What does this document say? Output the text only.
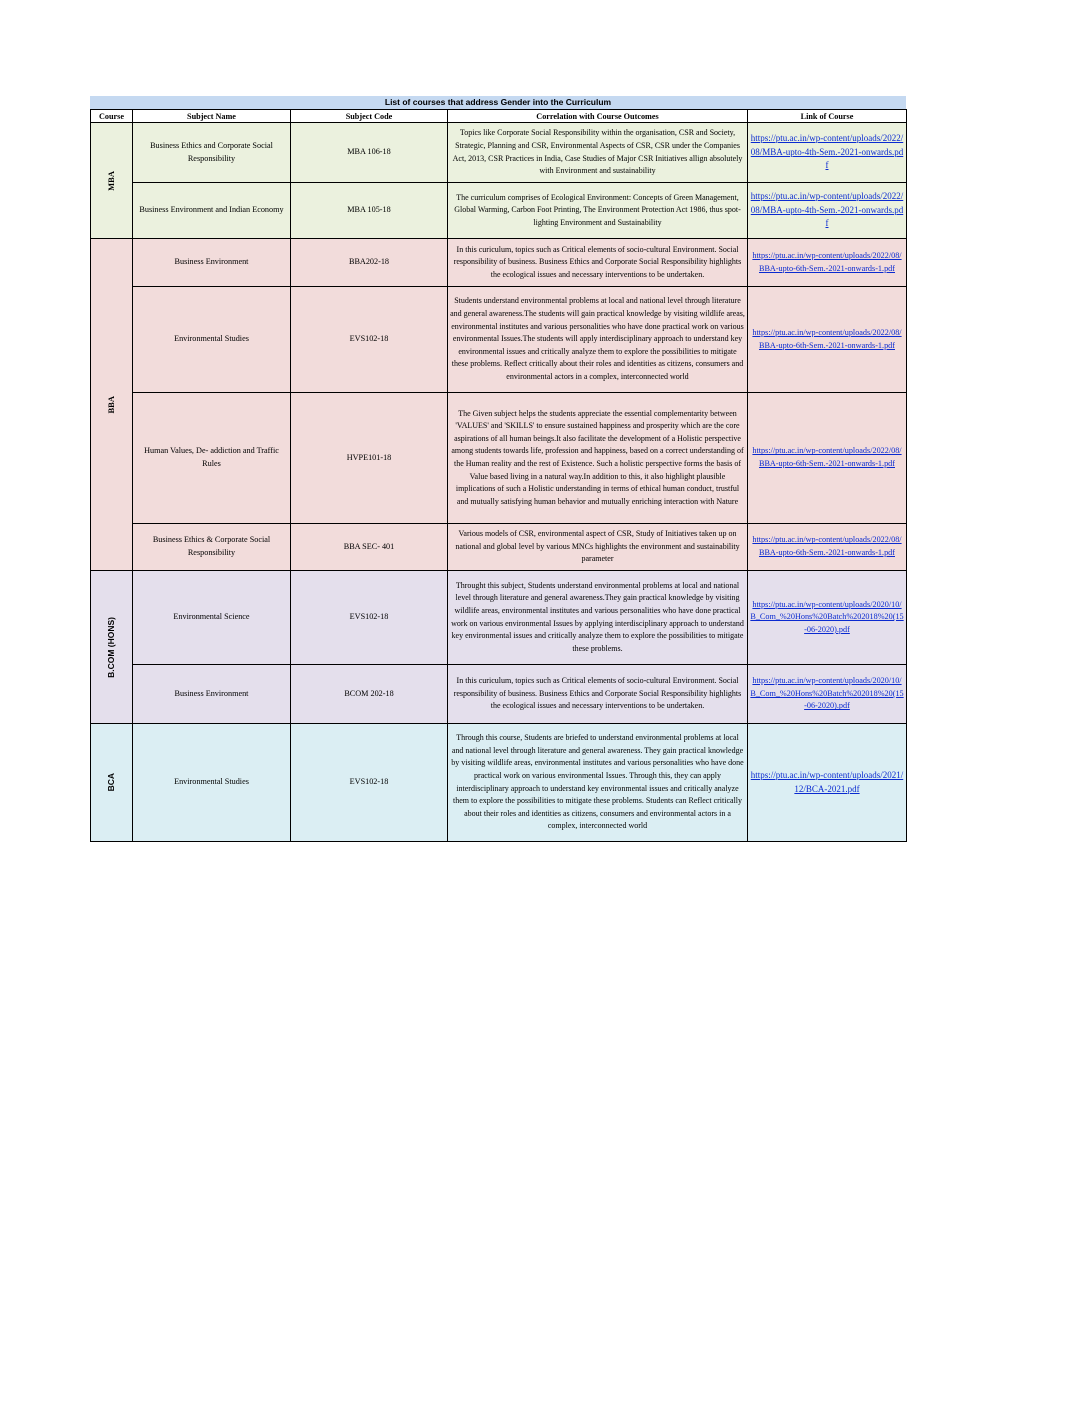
List of courses that address Gender into the Curriculum
Course	Subject Name	Subject Code	Correlation with Course Outcomes	Link of Course

MBA	Business Ethics and Corporate Social Responsibility	MBA 106-18	Topics like Corporate Social Responsibility within the organisation, CSR and Society, Strategic, Planning and CSR, Environmental Aspects of CSR, CSR under the Companies Act, 2013, CSR Practices in India, Case Studies of Major CSR Initiatives allign absolutely with Environment and sustainability	https://ptu.ac.in/wp-content/uploads/2022/08/MBA-upto-4th-Sem.-2021-onwards.pdf
	Business Environment and Indian Economy	MBA 105-18	The curriculum comprises of Ecological Environment: Concepts of Green Management, Global Warming, Carbon Foot Printing, The Environment Protection Act 1986, thus spot-lighting Environment and Sustainability	https://ptu.ac.in/wp-content/uploads/2022/08/MBA-upto-4th-Sem.-2021-onwards.pdf

BBA	Business Environment	BBA202-18	In this curiculum, topics such as Critical elements of socio-cultural Environment. Social responsibility of business. Business Ethics and Corporate Social Responsibility highlights the ecological issues and necessary interventions to be undertaken.	https://ptu.ac.in/wp-content/uploads/2022/08/BBA-upto-6th-Sem.-2021-onwards-1.pdf
	Environmental Studies	EVS102-18	Students understand environmental problems at local and national level through literature and general awareness.The students will gain practical knowledge by visiting wildlife areas, environmental institutes and various personalities who have done practical work on various environmental Issues.The students will apply interdisciplinary approach to understand key environmental issues and critically analyze them to explore the possibilities to mitigate these problems. Reflect critically about their roles and identities as citizens, consumers and environmental actors in a complex, interconnected world	https://ptu.ac.in/wp-content/uploads/2022/08/BBA-upto-6th-Sem.-2021-onwards-1.pdf
	Human Values, De- addiction and Traffic Rules	HVPE101-18	The Given subject helps the students appreciate the essential complementarity between 'VALUES' and 'SKILLS' to ensure sustained happiness and prosperity which are the core aspirations of all human beings.It also facilitate the development of a Holistic perspective among students towards life, profession and happiness, based on a correct understanding of the Human reality and the rest of Existence. Such a holistic perspective forms the basis of Value based living in a natural way.In addition to this, it also highlight plausible implications of such a Holistic understanding in terms of ethical human conduct, trustful and mutually satisfying human behavior and mutually enriching interaction with Nature	https://ptu.ac.in/wp-content/uploads/2022/08/BBA-upto-6th-Sem.-2021-onwards-1.pdf
	Business Ethics & Corporate Social Responsibility	BBA SEC- 401	Various models of CSR, environmental aspect of CSR, Study of Initiatives taken up on national and global level by various MNCs highlights the environment and sustainability parameter	https://ptu.ac.in/wp-content/uploads/2022/08/BBA-upto-6th-Sem.-2021-onwards-1.pdf

B.COM (HONS)	Environmental Science	EVS102-18	Throught this subject, Students understand environmental problems at local and national level through literature and general awareness.They gain practical knowledge by visiting wildlife areas, environmental institutes and various personalities who have done practical work on various environmental Issues by applying interdisciplinary approach to understand key environmental issues and critically analyze them to explore the possibilities to mitigate these problems.	https://ptu.ac.in/wp-content/uploads/2020/10/B_Com_%20Hons%20Batch%202018%20(15-06-2020).pdf
	Business Environment	BCOM 202-18	In this curiculum, topics such as Critical elements of socio-cultural Environment. Social responsibility of business. Business Ethics and Corporate Social Responsibility highlights the ecological issues and necessary interventions to be undertaken.	https://ptu.ac.in/wp-content/uploads/2020/10/B_Com_%20Hons%20Batch%202018%20(15-06-2020).pdf

BCA	Environmental Studies	EVS102-18	Through this course, Students are briefed to understand environmental problems at local and national level through literature and general awareness. They gain practical knowledge by visiting wildlife areas, environmental institutes and various personalities who have done practical work on various environmental Issues. Through this, they can apply interdisciplinary approach to understand key environmental issues and critically analyze them to explore the possibilities to mitigate these problems. Students can Reflect critically about their roles and identities as citizens, consumers and environmental actors in a complex, interconnected world	https://ptu.ac.in/wp-content/uploads/2021/12/BCA-2021.pdf
